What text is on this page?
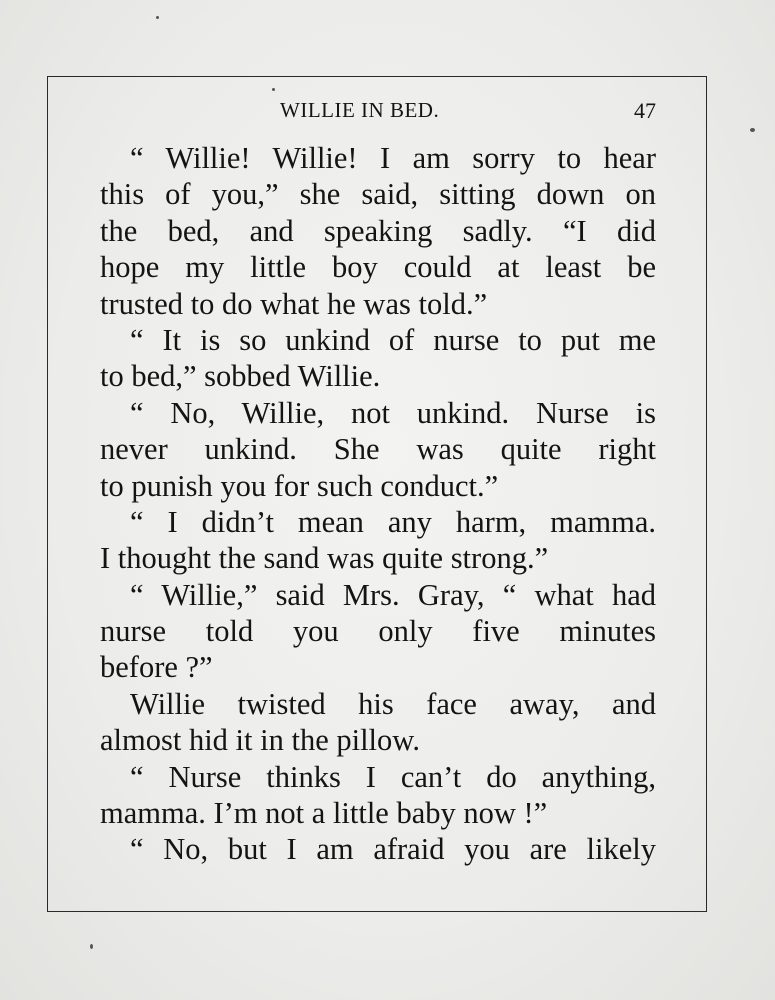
WILLIE IN BED.	47
“ Willie! Willie! I am sorry to hear
this of you,” she said, sitting down on
the bed, and speaking sadly. “I did
hope my little boy could at least be
trusted to do what he was told.”
“ It is so unkind of nurse to put me
to bed,” sobbed Willie.
“ No, Willie, not unkind. Nurse is
never unkind. She was quite right
to punish you for such conduct.”
“ I didn’t mean any harm, mamma.
I thought the sand was quite strong.”
“ Willie,” said Mrs. Gray, “ what had
nurse told you only five minutes
before ?”
Willie twisted his face away, and
almost hid it in the pillow.
“ Nurse thinks I can’t do anything,
mamma. I’m not a little baby now !”
“ No, but I am afraid you are likely
